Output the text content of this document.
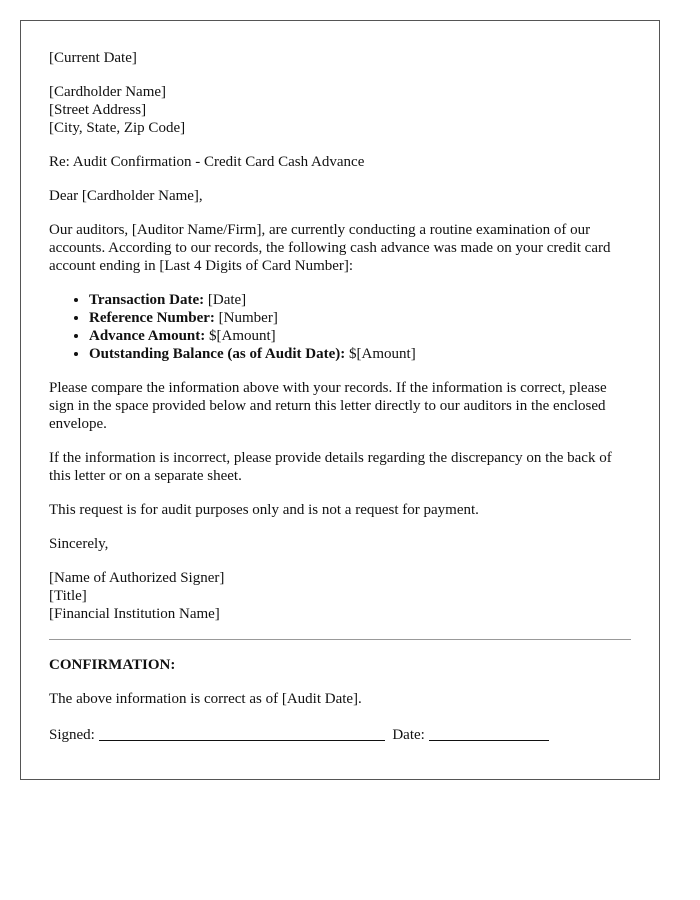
[Current Date]
[Cardholder Name]
[Street Address]
[City, State, Zip Code]

Re: Audit Confirmation - Credit Card Cash Advance

Dear [Cardholder Name],

Our auditors, [Auditor Name/Firm], are currently conducting a routine examination of our accounts. According to our records, the following cash advance was made on your credit card account ending in [Last 4 Digits of Card Number]:

• Transaction Date: [Date]
• Reference Number: [Number]
• Advance Amount: $[Amount]
• Outstanding Balance (as of Audit Date): $[Amount]

Please compare the information above with your records. If the information is correct, please sign in the space provided below and return this letter directly to our auditors in the enclosed envelope.

If the information is incorrect, please provide details regarding the discrepancy on the back of this letter or on a separate sheet.

This request is for audit purposes only and is not a request for payment.

Sincerely,

[Name of Authorized Signer]
[Title]
[Financial Institution Name]

CONFIRMATION:

The above information is correct as of [Audit Date].

Signed:	Date:
